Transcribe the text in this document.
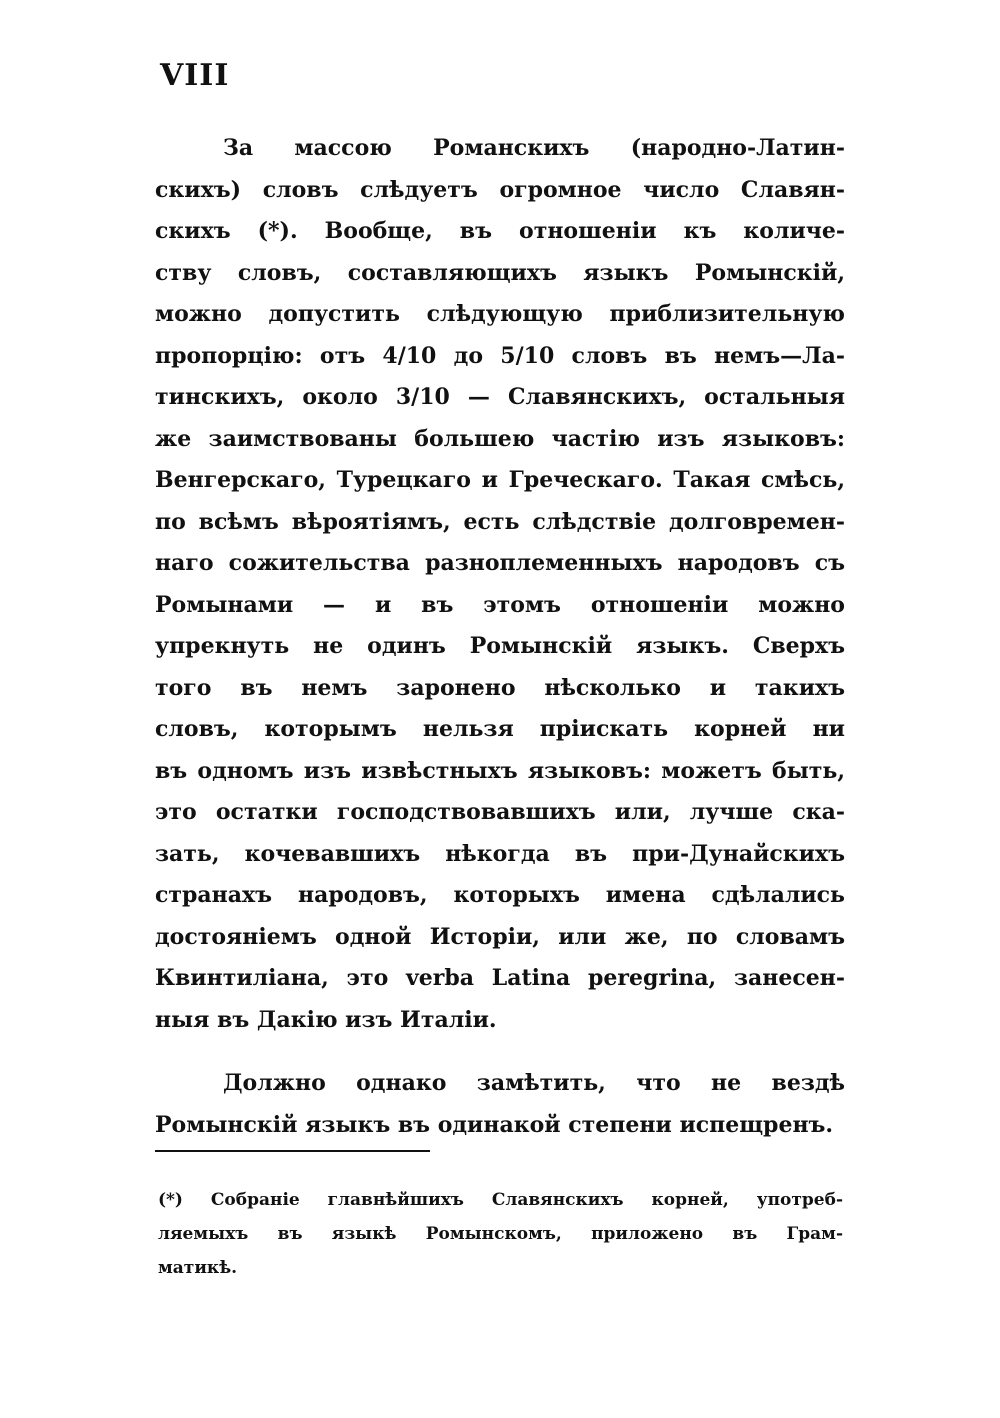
VIII
За массою Романскихъ (народно-Латин-
скихъ) словъ слѣдуетъ огромное число Славян-
скихъ (*). Вообще, въ отношеніи къ количе-
ству словъ, составляющихъ языкъ Ромынскій,
можно допустить слѣдующую приблизительную
пропорцію: отъ 4/10 до 5/10 словъ въ немъ—Ла-
тинскихъ, около 3/10 — Славянскихъ, остальныя
же заимствованы большею частію изъ языковъ:
Венгерскаго, Турецкаго и Греческаго. Такая смѣсь,
по всѣмъ вѣроятіямъ, есть слѣдствіе долговремен-
наго сожительства разноплеменныхъ народовъ съ
Ромынами — и въ этомъ отношеніи можно
упрекнуть не одинъ Ромынскій языкъ. Сверхъ
того въ немъ заронено нѣсколько и такихъ
словъ, которымъ нельзя пріискать корней ни
въ одномъ изъ извѣстныхъ языковъ: можетъ быть,
это остатки господствовавшихъ или, лучше ска-
зать, кочевавшихъ нѣкогда въ при-Дунайскихъ
странахъ народовъ, которыхъ имена сдѣлались
достояніемъ одной Исторіи, или же, по словамъ
Квинтиліана, это verba Latina peregrina, занесен-
ныя въ Дакію изъ Италіи.
Должно однако замѣтить, что не вездѣ
Ромынскій языкъ въ одинакой степени испещренъ.
(*) Собраніе главнѣйшихъ Славянскихъ корней, употреб-
ляемыхъ въ языкѣ Ромынскомъ, приложено въ Грам-
матикѣ.
